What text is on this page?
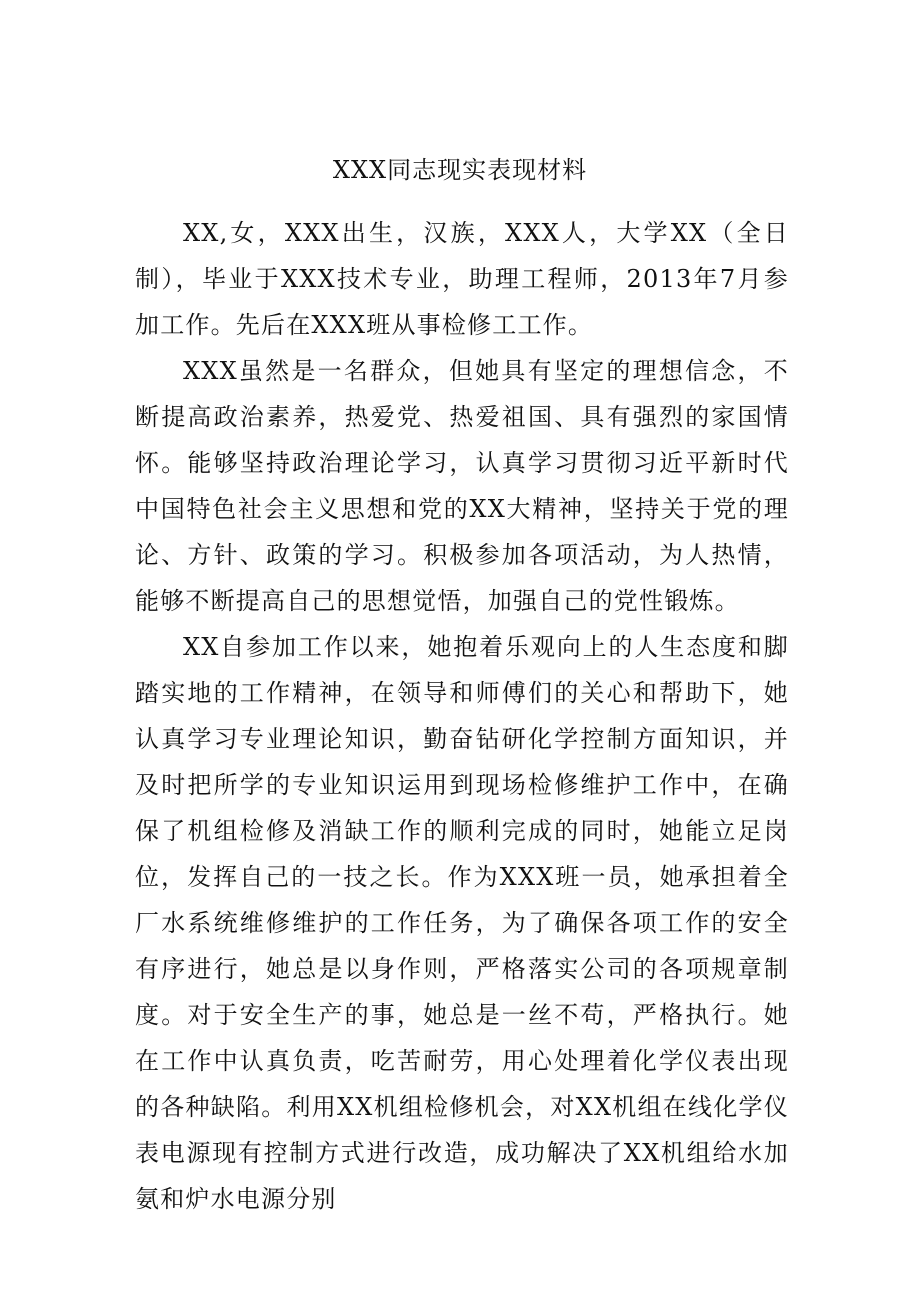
XXX同志现实表现材料

XX,女，XXX出生，汉族，XXX人，大学XX（全日制），毕业于XXX技术专业，助理工程师，2013年7月参加工作。先后在XXX班从事检修工工作。

XXX虽然是一名群众，但她具有坚定的理想信念，不断提高政治素养，热爱党、热爱祖国、具有强烈的家国情怀。能够坚持政治理论学习，认真学习贯彻习近平新时代中国特色社会主义思想和党的XX大精神，坚持关于党的理论、方针、政策的学习。积极参加各项活动，为人热情，能够不断提高自己的思想觉悟，加强自己的党性锻炼。

XX自参加工作以来，她抱着乐观向上的人生态度和脚踏实地的工作精神，在领导和师傅们的关心和帮助下，她认真学习专业理论知识，勤奋钻研化学控制方面知识，并及时把所学的专业知识运用到现场检修维护工作中，在确保了机组检修及消缺工作的顺利完成的同时，她能立足岗位，发挥自己的一技之长。作为XXX班一员，她承担着全厂水系统维修维护的工作任务，为了确保各项工作的安全有序进行，她总是以身作则，严格落实公司的各项规章制度。对于安全生产的事，她总是一丝不苟，严格执行。她在工作中认真负责，吃苦耐劳，用心处理着化学仪表出现的各种缺陷。利用XX机组检修机会，对XX机组在线化学仪表电源现有控制方式进行改造，成功解决了XX机组给水加氨和炉水电源分别
